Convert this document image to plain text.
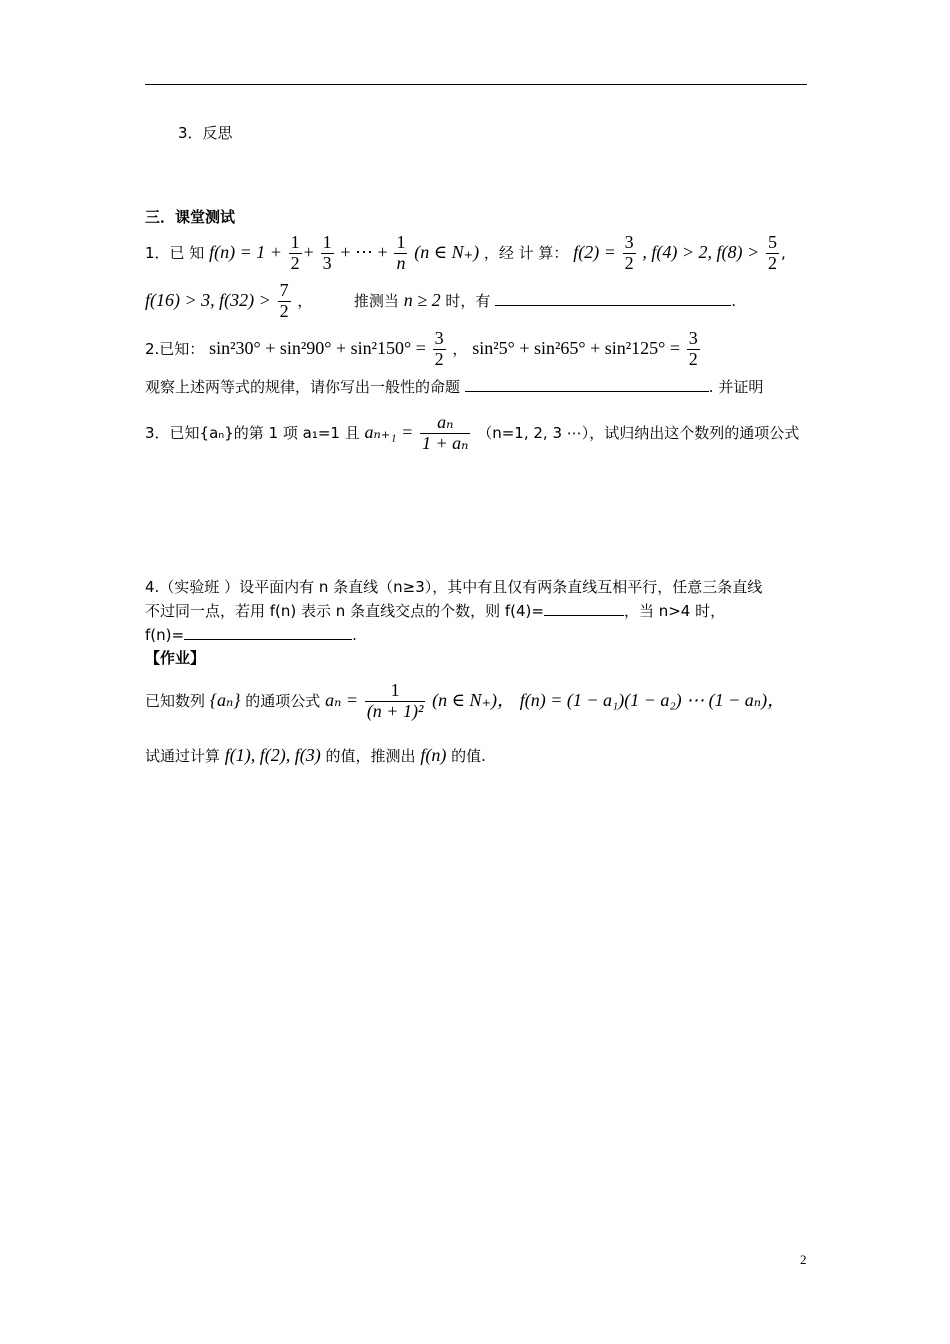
3．反思
三．课堂测试
1．已 知 $f(n) = 1 + \frac{1}{2} + \frac{1}{3}$ + ⋯ + $\frac{1}{n} (n$ ∈ N₊) ，经 计 算： $f(2) = \frac{3}{2}$ , f(4) > 2, $f(8) > \frac{5}{2}$ ,
f(16) > 3, $f(32) > \frac{7}{2}$ ，	推测当 n ≥ 2 时，有	.
2.已知： $\sin^230^\circ + \sin^290^\circ + \sin^2150^\circ = \frac{3}{2}$ ， $\sin^25^\circ + \sin^265^\circ + \sin^2125^\circ = \frac{3}{2}$
观察上述两等式的规律，请你写出一般性的命题	. 并证明
3．已知{aₙ}的第 1 项 a₁=1 且 $a_{n+1} = \frac{\text{aₙ}}{\text{1 + aₙ}} (n=1$, 2, 3 ⋯），试归纳出这个数列的通项公式
4.（实验班 ）设平面内有 n 条直线（n≥3），其中有且仅有两条直线互相平行，任意三条直线
不过同一点，若用 f(n) 表示 n 条直线交点的个数，则 f(4)=	，当 n>4 时，
f(n)=	.
【作业】
已知数列 {aₙ} 的通项公式 $a_n = \frac{1}{\text{(n + 1)²}} (n$ ∈ N₊)， f(n) = (1 − a₁)(1 − a₂) ⋯ (1 − aₙ)，
试通过计算 f(1), f(2), f(3) 的值，推测出 f(n) 的值.
2
